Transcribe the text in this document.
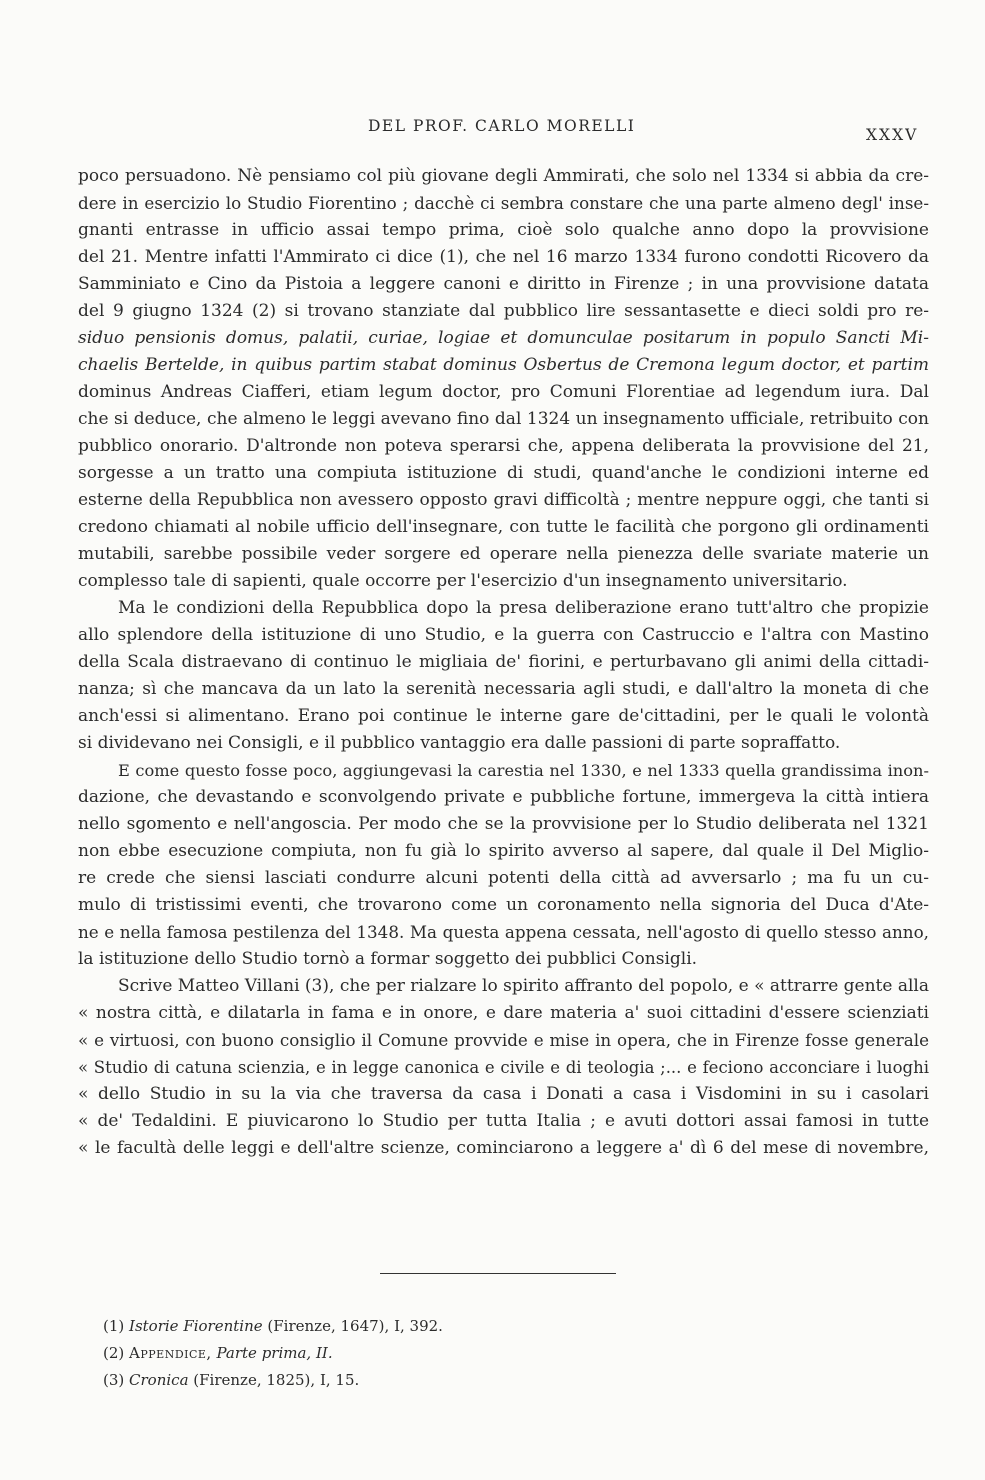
DEL PROF. CARLO MORELLI	XXXV
poco persuadono. Nè pensiamo col più giovane degli Ammirati, che solo nel 1334 si abbia da cre-
dere in esercizio lo Studio Fiorentino ; dacchè ci sembra constare che una parte almeno degl' inse-
gnanti entrasse in ufficio assai tempo prima, cioè solo qualche anno dopo la provvisione
del 21. Mentre infatti l'Ammirato ci dice (1), che nel 16 marzo 1334 furono condotti Ricovero da
Samminiato e Cino da Pistoia a leggere canoni e diritto in Firenze ; in una provvisione datata
del 9 giugno 1324 (2) si trovano stanziate dal pubblico lire sessantasette e dieci soldi pro re-
siduo pensionis domus, palatii, curiae, logiae et domunculae positarum in populo Sancti Mi-
chaelis Bertelde, in quibus partim stabat dominus Osbertus de Cremona legum doctor, et partim
dominus Andreas Ciafferi, etiam legum doctor, pro Comuni Florentiae ad legendum iura. Dal
che si deduce, che almeno le leggi avevano fino dal 1324 un insegnamento ufficiale, retribuito con
pubblico onorario. D'altronde non poteva sperarsi che, appena deliberata la provvisione del 21,
sorgesse a un tratto una compiuta istituzione di studi, quand'anche le condizioni interne ed
esterne della Repubblica non avessero opposto gravi difficoltà ; mentre neppure oggi, che tanti si
credono chiamati al nobile ufficio dell'insegnare, con tutte le facilità che porgono gli ordinamenti
mutabili, sarebbe possibile veder sorgere ed operare nella pienezza delle svariate materie un
complesso tale di sapienti, quale occorre per l'esercizio d'un insegnamento universitario.
Ma le condizioni della Repubblica dopo la presa deliberazione erano tutt'altro che propizie
allo splendore della istituzione di uno Studio, e la guerra con Castruccio e l'altra con Mastino
della Scala distraevano di continuo le migliaia de' fiorini, e perturbavano gli animi della cittadi-
nanza; sì che mancava da un lato la serenità necessaria agli studi, e dall'altro la moneta di che
anch'essi si alimentano. Erano poi continue le interne gare de'cittadini, per le quali le volontà
si dividevano nei Consigli, e il pubblico vantaggio era dalle passioni di parte sopraffatto.
E come questo fosse poco, aggiungevasi la carestia nel 1330, e nel 1333 quella grandissima inon-
dazione, che devastando e sconvolgendo private e pubbliche fortune, immergeva la città intiera
nello sgomento e nell'angoscia. Per modo che se la provvisione per lo Studio deliberata nel 1321
non ebbe esecuzione compiuta, non fu già lo spirito avverso al sapere, dal quale il Del Miglio-
re crede che siensi lasciati condurre alcuni potenti della città ad avversarlo ; ma fu un cu-
mulo di tristissimi eventi, che trovarono come un coronamento nella signoria del Duca d'Ate-
ne e nella famosa pestilenza del 1348. Ma questa appena cessata, nell'agosto di quello stesso anno,
la istituzione dello Studio tornò a formar soggetto dei pubblici Consigli.
Scrive Matteo Villani (3), che per rialzare lo spirito affranto del popolo, e « attrarre gente alla
« nostra città, e dilatarla in fama e in onore, e dare materia a' suoi cittadini d'essere scienziati
« e virtuosi, con buono consiglio il Comune provvide e mise in opera, che in Firenze fosse generale
« Studio di catuna scienzia, e in legge canonica e civile e di teologia ;... e feciono acconciare i luoghi
« dello Studio in su la via che traversa da casa i Donati a casa i Visdomini in su i casolari
« de' Tedaldini. E piuvicarono lo Studio per tutta Italia ; e avuti dottori assai famosi in tutte
« le facultà delle leggi e dell'altre scienze, cominciarono a leggere a' dì 6 del mese di novembre,
(1) Istorie Fiorentine (Firenze, 1647), I, 392.
(2) Appendice, Parte prima, II.
(3) Cronica (Firenze, 1825), I, 15.
